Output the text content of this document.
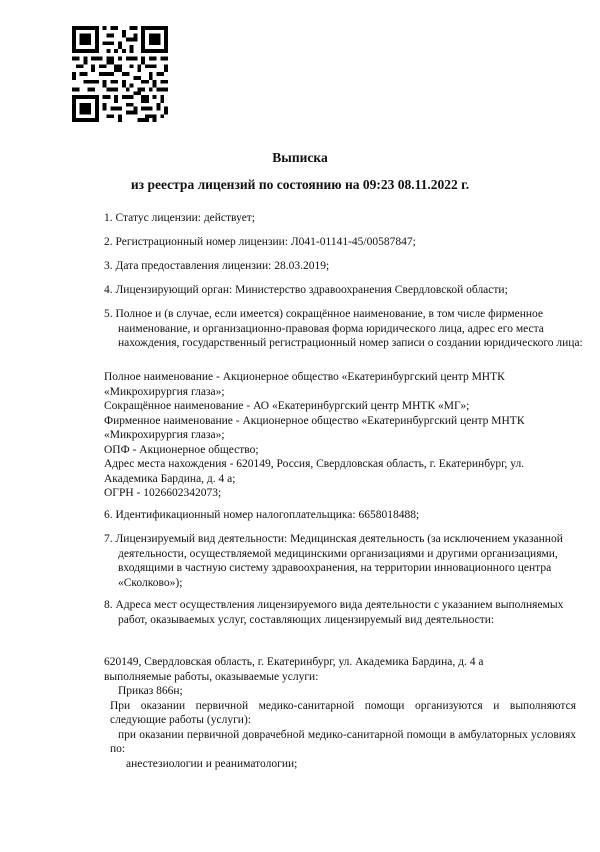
Выписка
из реестра лицензий по состоянию на 09:23 08.11.2022 г.
1. Статус лицензии: действует;
2. Регистрационный номер лицензии: Л041-01141-45/00587847;
3. Дата предоставления лицензии: 28.03.2019;
4. Лицензирующий орган: Министерство здравоохранения Свердловской области;
5. Полное и (в случае, если имеется) сокращённое наименование, в том числе фирменное наименование, и организационно-правовая форма юридического лица, адрес его места нахождения, государственный регистрационный номер записи о создании юридического лица:
Полное наименование - Акционерное общество «Екатеринбургский центр МНТК «Микрохирургия глаза»;
Сокращённое наименование - АО «Екатеринбургский центр МНТК «МГ»;
Фирменное наименование - Акционерное общество «Екатеринбургский центр МНТК «Микрохирургия глаза»;
ОПФ - Акционерное общество;
Адрес места нахождения - 620149, Россия, Свердловская область, г. Екатеринбург, ул. Академика Бардина, д. 4 а;
ОГРН - 1026602342073;
6. Идентификационный номер налогоплательщика: 6658018488;
7. Лицензируемый вид деятельности: Медицинская деятельность (за исключением указанной деятельности, осуществляемой медицинскими организациями и другими организациями, входящими в частную систему здравоохранения, на территории инновационного центра «Сколково»);
8. Адреса мест осуществления лицензируемого вида деятельности с указанием выполняемых работ, оказываемых услуг, составляющих лицензируемый вид деятельности:
620149, Свердловская область, г. Екатеринбург, ул. Академика Бардина, д. 4 а
выполняемые работы, оказываемые услуги:
Приказ 866н;
При оказании первичной медико-санитарной помощи организуются и выполняются следующие работы (услуги):
при оказании первичной доврачебной медико-санитарной помощи в амбулаторных условиях по:
анестезиологии и реаниматологии;
